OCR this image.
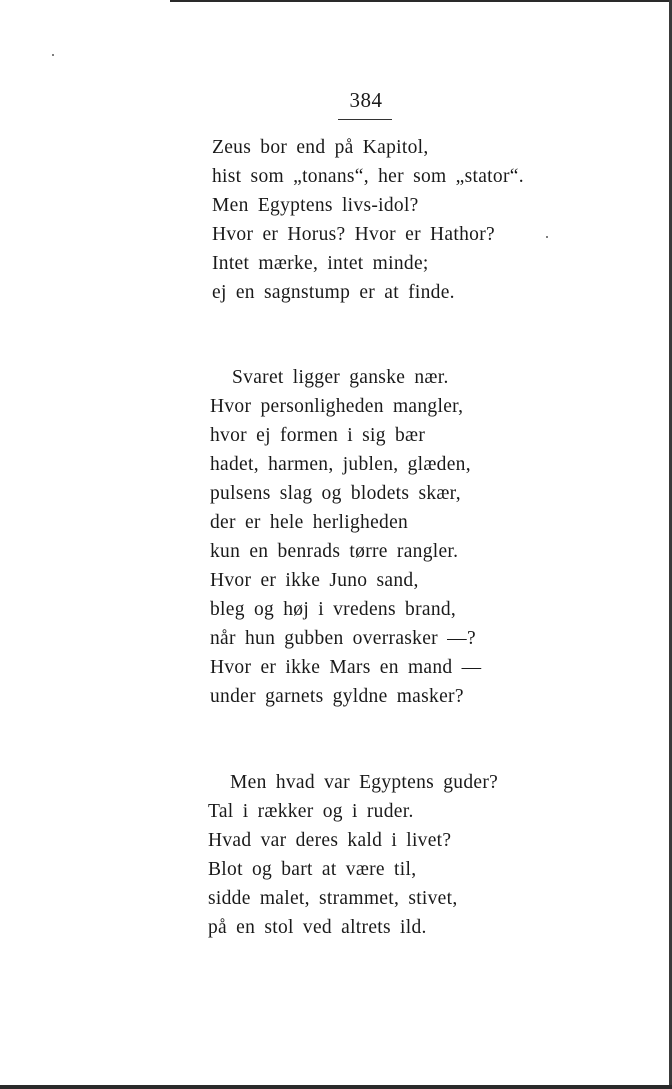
384
Zeus bor end på Kapitol,
hist som „tonans“, her som „stator“.
Men Egyptens livs-idol?
Hvor er Horus? Hvor er Hathor?
Intet mærke, intet minde;
ej en sagnstump er at finde.
Svaret ligger ganske nær.
Hvor personligheden mangler,
hvor ej formen i sig bær
hadet, harmen, jublen, glæden,
pulsens slag og blodets skær,
der er hele herligheden
kun en benrads tørre rangler.
Hvor er ikke Juno sand,
bleg og høj i vredens brand,
når hun gubben overrasker —?
Hvor er ikke Mars en mand —
under garnets gyldne masker?
Men hvad var Egyptens guder?
Tal i rækker og i ruder.
Hvad var deres kald i livet?
Blot og bart at være til,
sidde malet, strammet, stivet,
på en stol ved altrets ild.
